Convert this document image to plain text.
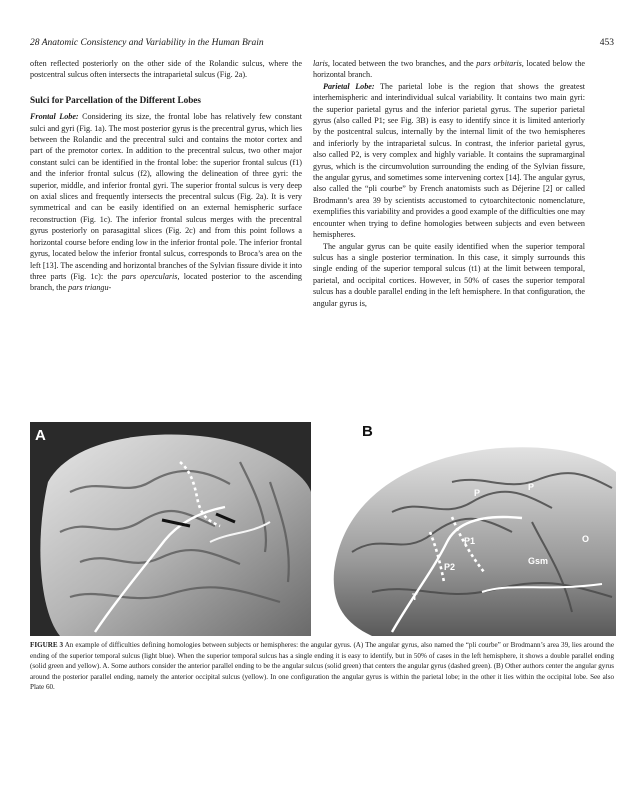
28 Anatomic Consistency and Variability in the Human Brain	453

often reflected posteriorly on the other side of the Rolandic sulcus, where the postcentral sulcus often intersects the intraparietal sulcus (Fig. 2a).

Sulci for Parcellation of the Different Lobes

Frontal Lobe: Considering its size, the frontal lobe has relatively few constant sulci and gyri (Fig. 1a). The most posterior gyrus is the precentral gyrus, which lies between the Rolandic and the precentral sulci and contains the motor cortex and part of the premotor cortex. In addition to the precentral sulcus, two other major constant sulci can be identified in the frontal lobe: the superior frontal sulcus (f1) and the inferior frontal sulcus (f2), allowing the delineation of three gyri: the superior, middle, and inferior frontal gyri. The superior frontal sulcus is very deep on axial slices and frequently intersects the precentral sulcus (Fig. 2a). It is very symmetrical and can be easily identified on an external hemispheric surface reconstruction (Fig. 1c). The inferior frontal sulcus merges with the precentral gyrus posteriorly on parasagittal slices (Fig. 2c) and from this point follows a horizontal course before ending low in the inferior frontal pole. The inferior frontal gyrus, located below the inferior frontal sulcus, corresponds to Broca’s area on the left [13]. The ascending and horizontal branches of the Sylvian fissure divide it into three parts (Fig. 1c): the pars opercularis, located posterior to the ascending branch, the pars triangu-

laris, located between the two branches, and the pars orbitaris, located below the horizontal branch.

Parietal Lobe: The parietal lobe is the region that shows the greatest interhemispheric and interindividual sulcal variability. It contains two main gyri: the superior parietal gyrus and the inferior parietal gyrus. The superior parietal gyrus (also called P1; see Fig. 3B) is easy to identify since it is limited anteriorly by the postcentral sulcus, internally by the internal limit of the two hemispheres and inferiorly by the intraparietal sulcus. In contrast, the inferior parietal gyrus, also called P2, is very complex and highly variable. It contains the supramarginal gyrus, which is the circumvolution surrounding the ending of the Sylvian fissure, the angular gyrus, and sometimes some intervening cortex [14]. The angular gyrus, also called the “pli courbe” by French anatomists such as Déjerine [2] or called Brodmann’s area 39 by scientists accustomed to cytoarchitectonic nomenclature, exemplifies this variability and provides a good example of the difficulties one may encounter when trying to define homologies between subjects and even between hemispheres.

The angular gyrus can be quite easily identified when the superior temporal sulcus has a single posterior termination. In this case, it simply surrounds this single ending of the superior temporal sulcus (t1) at the limit between temporal, parietal, and occipital cortices. However, in 50% of cases the superior temporal sulcus has a double parallel ending in the left hemisphere. In that configuration, the angular gyrus is,

A
P
P
P1
P2
T
Gsm
O
B
FIGURE 3 An example of difficulties defining homologies between subjects or hemispheres: the angular gyrus. (A) The angular gyrus, also named the “pli courbe” or Brodmann’s area 39, lies around the ending of the superior temporal sulcus (light blue). When the superior temporal sulcus has a single ending it is easy to identify, but in 50% of cases in the left hemisphere, it shows a double parallel ending (solid green and yellow). A. Some authors consider the anterior parallel ending to be the angular sulcus (solid green) that centers the angular gyrus (dashed green). (B) Other authors center the angular gyrus around the posterior parallel ending, namely the anterior occipital sulcus (yellow). In one configuration the angular gyrus is within the parietal lobe; in the other it lies within the occipital lobe. See also Plate 60.
